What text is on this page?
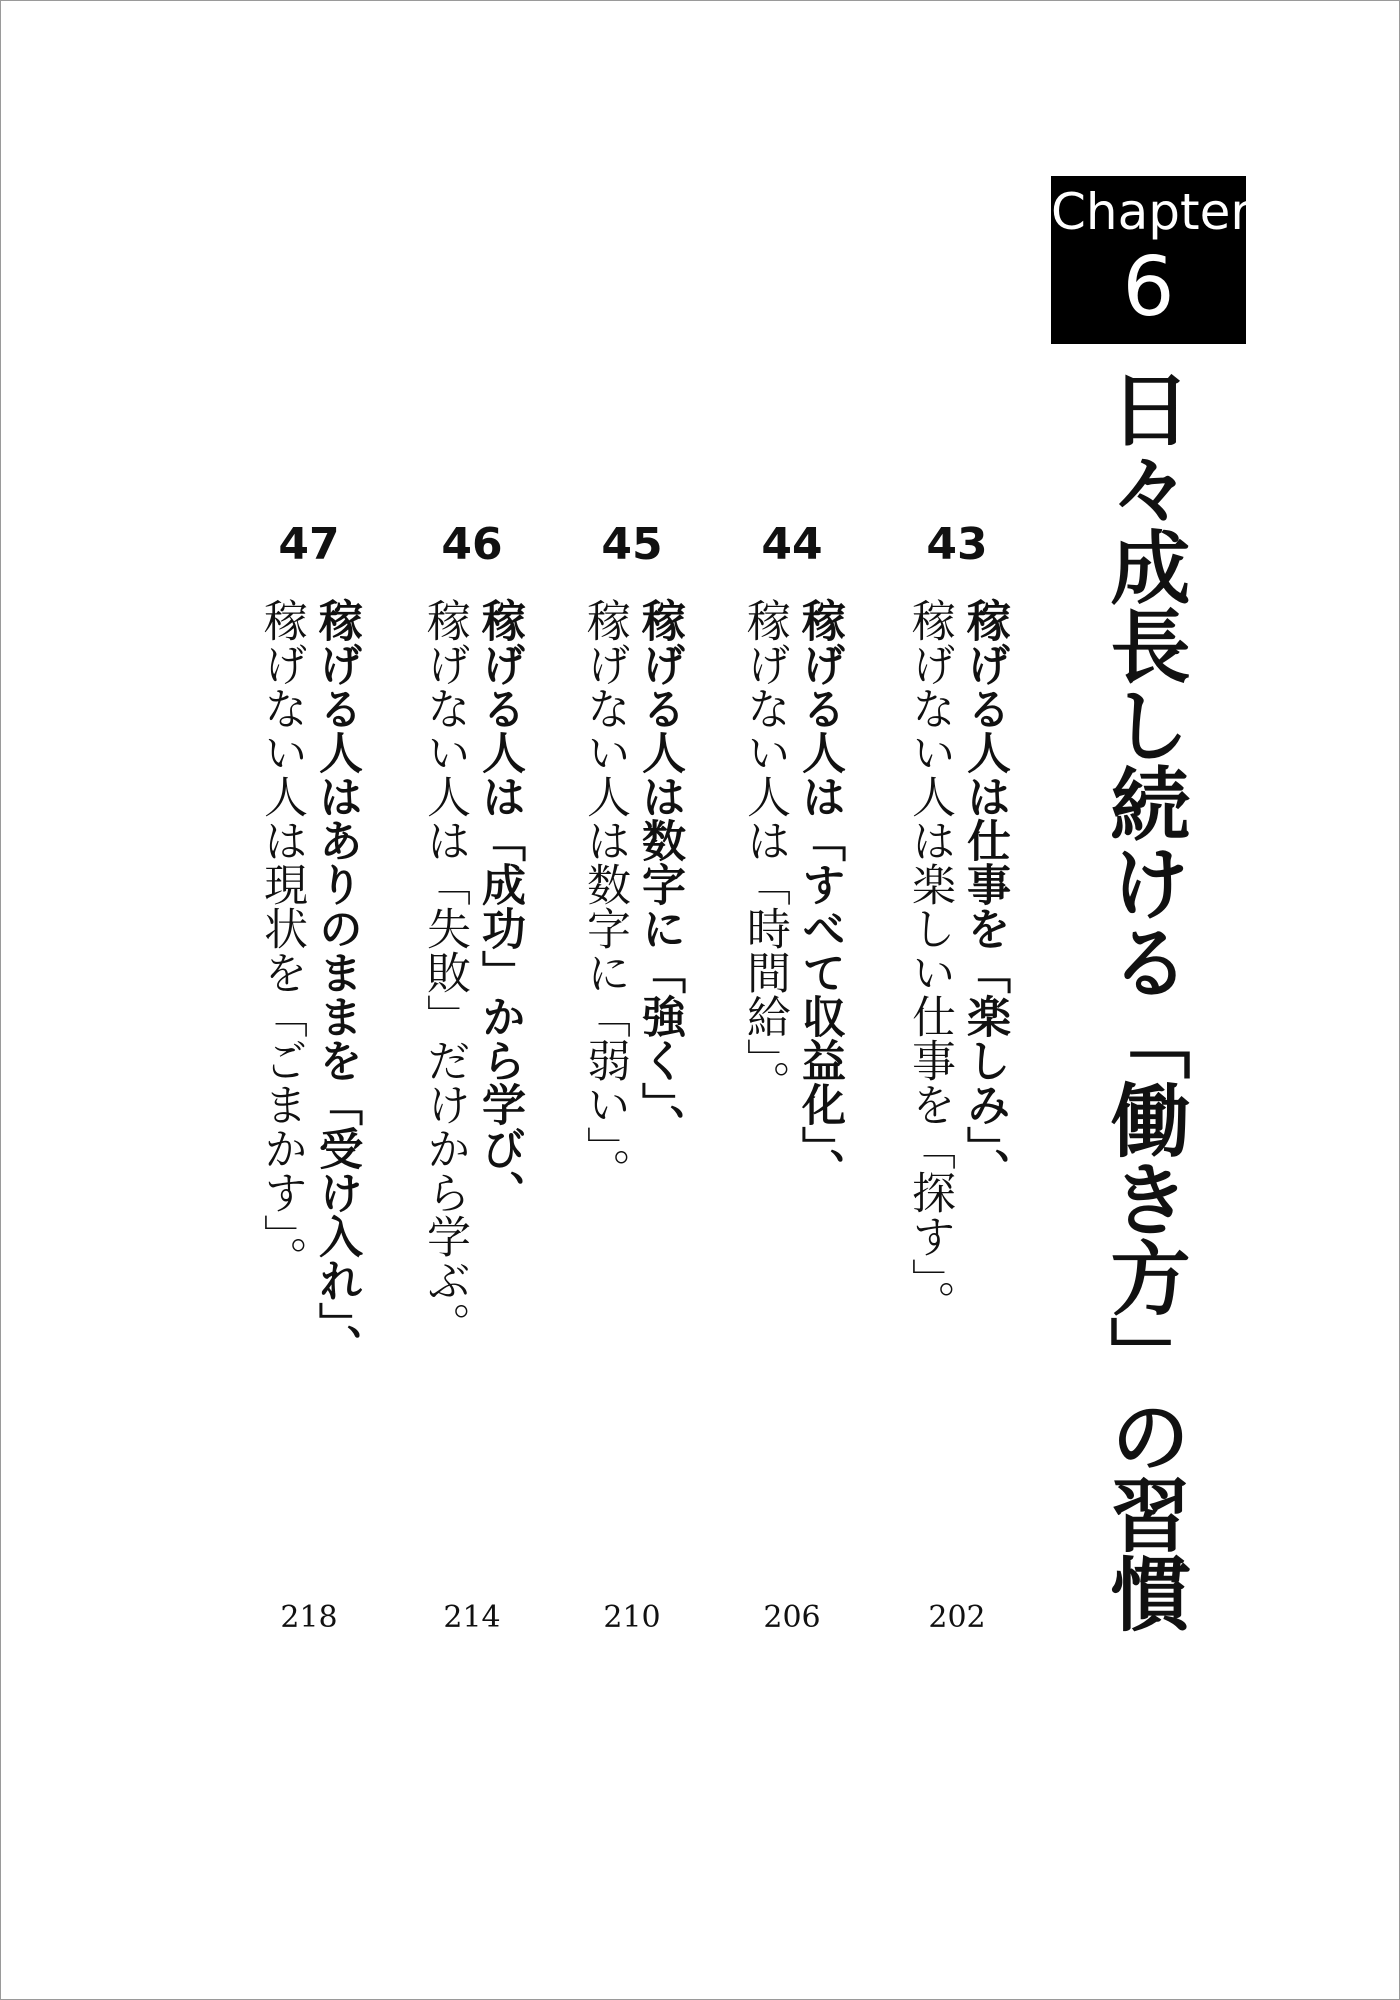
Chapter
6
日々成長し続ける「働き方」の習慣
43
稼げる人は仕事を「楽しみ」、
稼げない人は楽しい仕事を「探す」。
202
44
稼げる人は「すべて収益化」、
稼げない人は「時間給」。
206
45
稼げる人は数字に「強く」、
稼げない人は数字に「弱い」。
210
46
稼げる人は「成功」から学び、
稼げない人は「失敗」だけから学ぶ。
214
47
稼げる人はありのままを「受け入れ」、
稼げない人は現状を「ごまかす」。
218
